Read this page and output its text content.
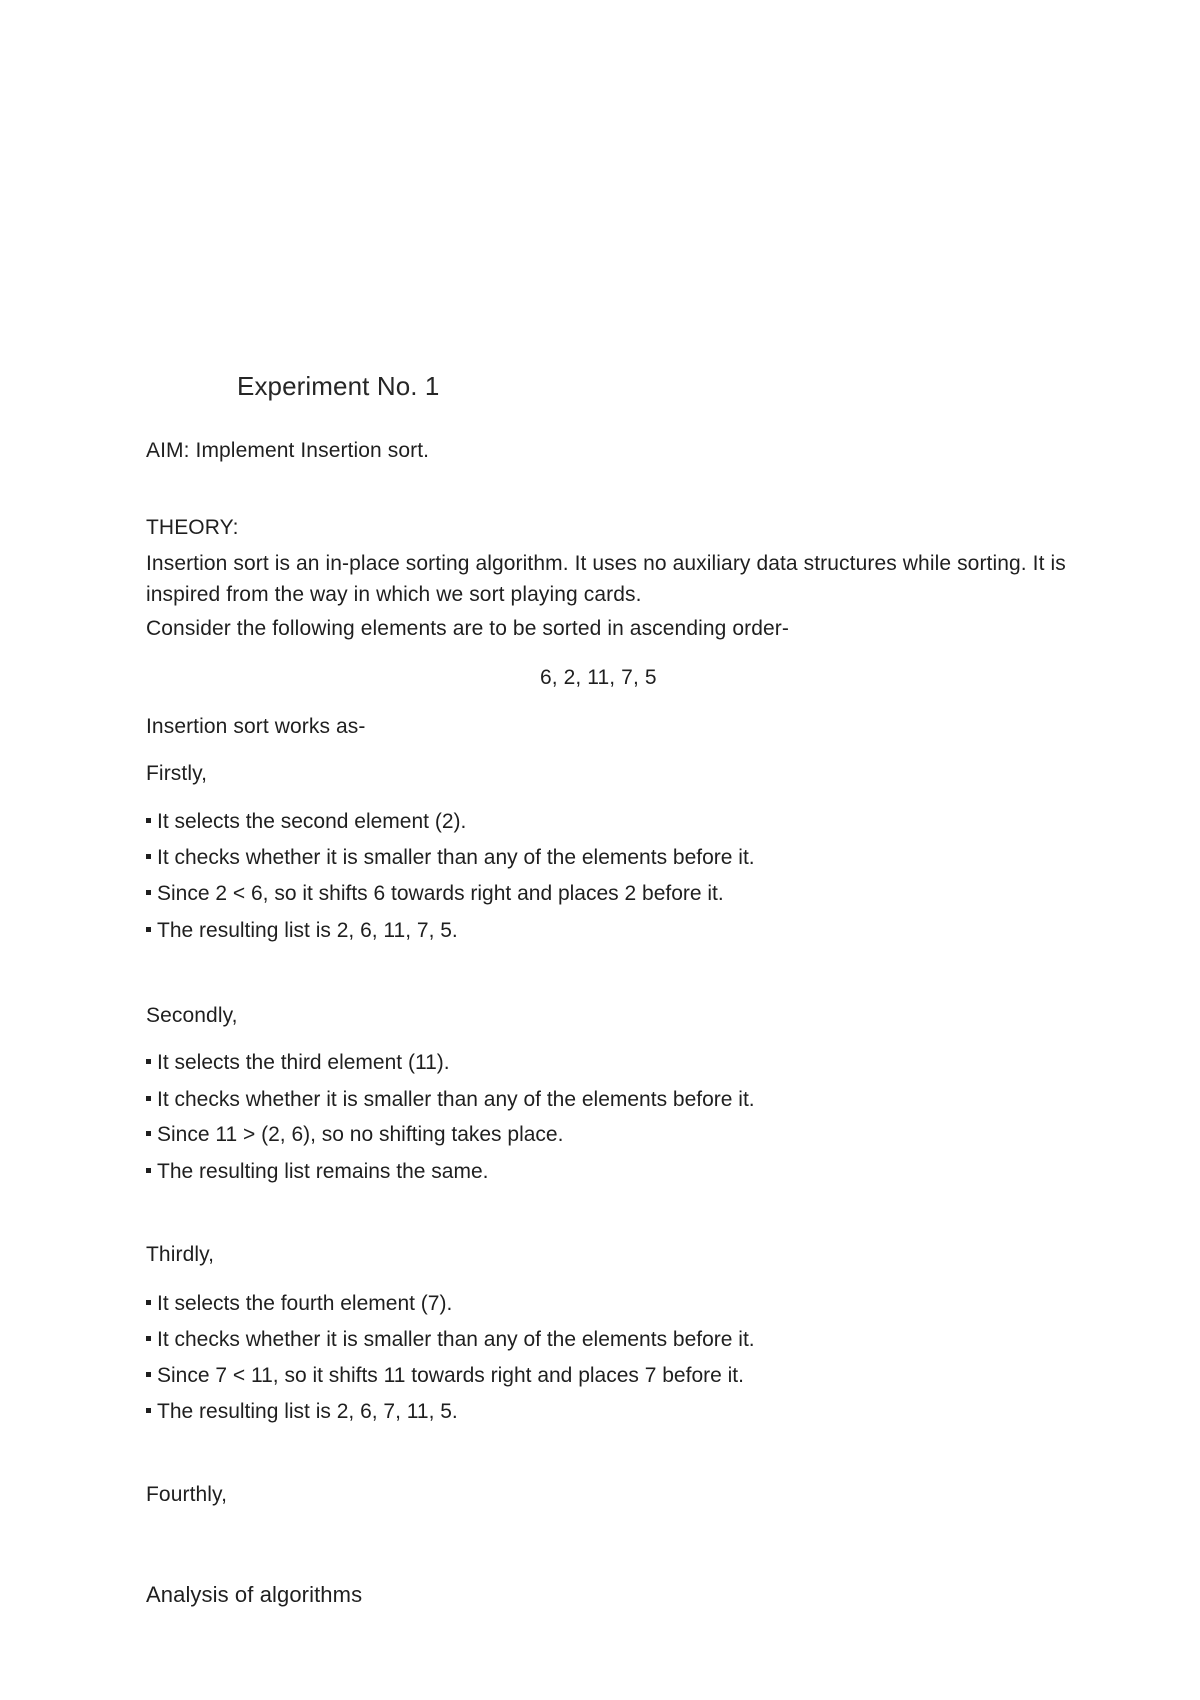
Experiment No. 1
AIM: Implement Insertion sort.
THEORY:
Insertion sort is an in-place sorting algorithm. It uses no auxiliary data structures while sorting. It is inspired from the way in which we sort playing cards.
Consider the following elements are to be sorted in ascending order-
6, 2, 11, 7, 5
Insertion sort works as-
Firstly,
It selects the second element (2).
It checks whether it is smaller than any of the elements before it.
Since 2 < 6, so it shifts 6 towards right and places 2 before it.
The resulting list is 2, 6, 11, 7, 5.
Secondly,
It selects the third element (11).
It checks whether it is smaller than any of the elements before it.
Since 11 > (2, 6), so no shifting takes place.
The resulting list remains the same.
Thirdly,
It selects the fourth element (7).
It checks whether it is smaller than any of the elements before it.
Since 7 < 11, so it shifts 11 towards right and places 7 before it.
The resulting list is 2, 6, 7, 11, 5.
Fourthly,
Analysis of algorithms
